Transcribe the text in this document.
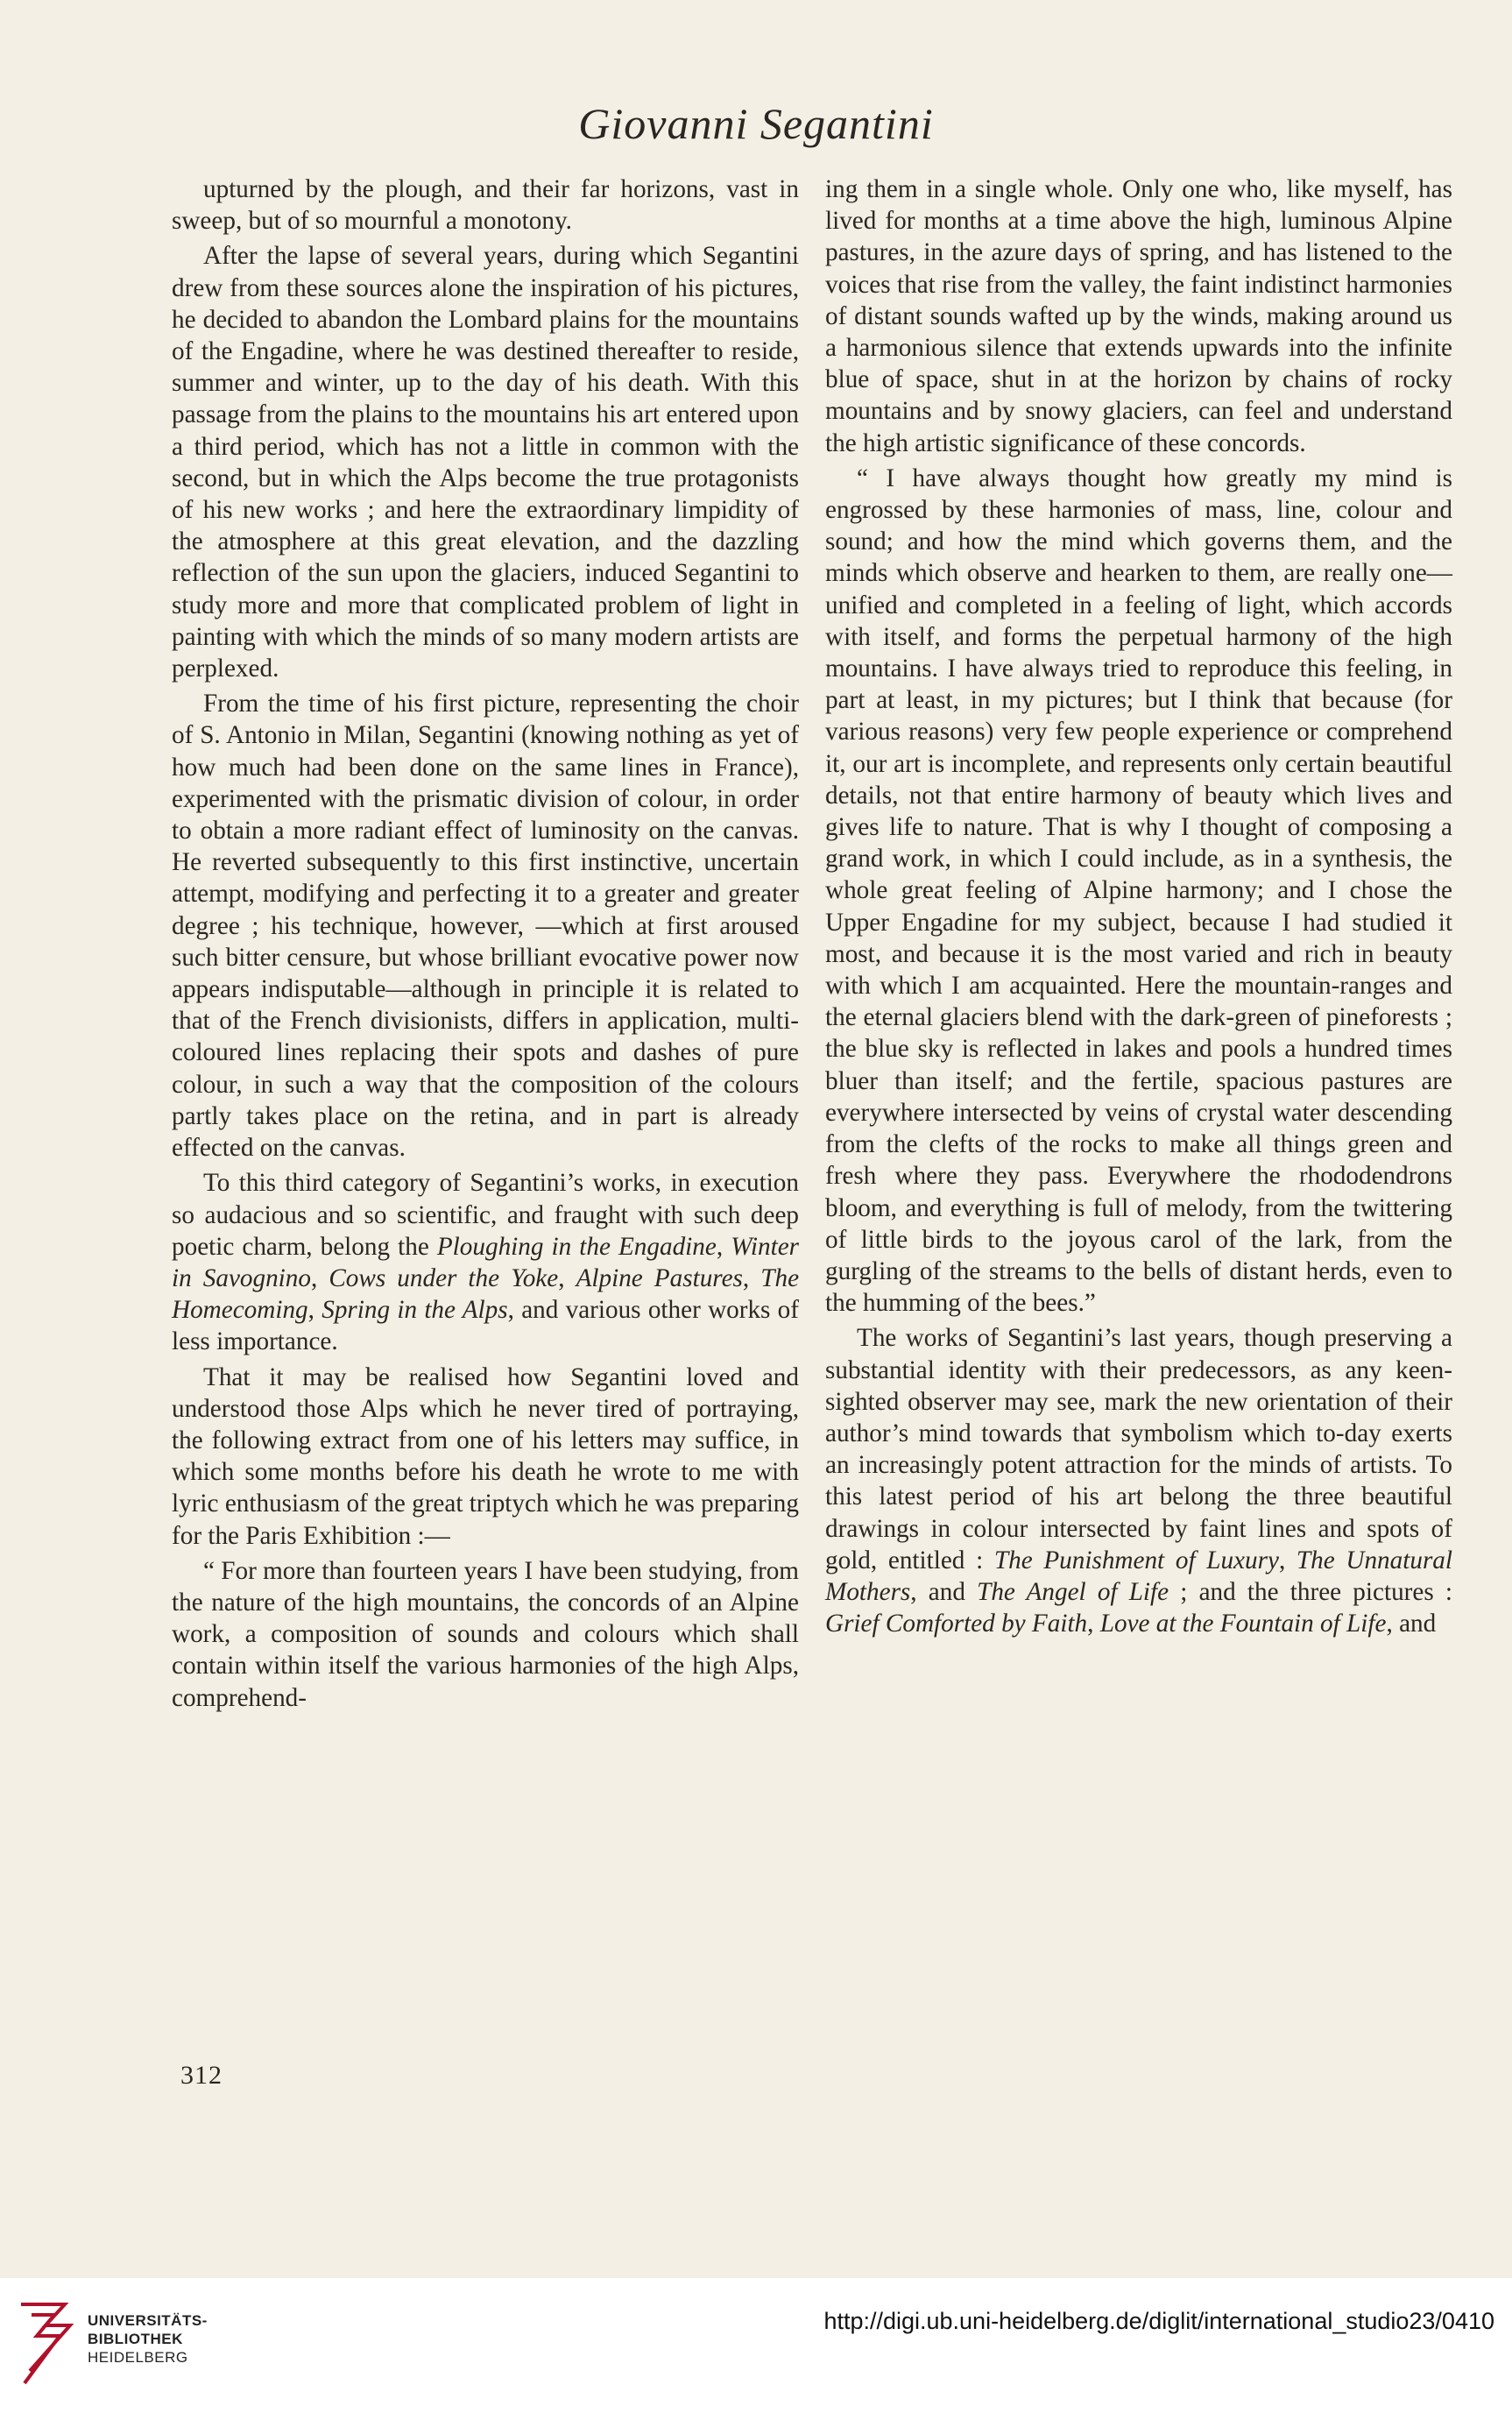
Giovanni Segantini

upturned by the plough, and their far horizons, vast in sweep, but of so mournful a monotony.

After the lapse of several years, during which Segantini drew from these sources alone the inspiration of his pictures, he decided to abandon the Lombard plains for the mountains of the Engadine, where he was destined thereafter to reside, summer and winter, up to the day of his death. With this passage from the plains to the mountains his art entered upon a third period, which has not a little in common with the second, but in which the Alps become the true protagonists of his new works ; and here the extraordinary limpidity of the atmosphere at this great elevation, and the dazzling reflection of the sun upon the glaciers, induced Segantini to study more and more that complicated problem of light in painting with which the minds of so many modern artists are perplexed.

From the time of his first picture, representing the choir of S. Antonio in Milan, Segantini (knowing nothing as yet of how much had been done on the same lines in France), experimented with the prismatic division of colour, in order to obtain a more radiant effect of luminosity on the canvas. He reverted subsequently to this first instinctive, uncertain attempt, modifying and perfecting it to a greater and greater degree ; his technique, however, —which at first aroused such bitter censure, but whose brilliant evocative power now appears indisputable—although in principle it is related to that of the French divisionists, differs in application, multi-coloured lines replacing their spots and dashes of pure colour, in such a way that the composition of the colours partly takes place on the retina, and in part is already effected on the canvas.

To this third category of Segantini’s works, in execution so audacious and so scientific, and fraught with such deep poetic charm, belong the Ploughing in the Engadine, Winter in Savognino, Cows under the Yoke, Alpine Pastures, The Homecoming, Spring in the Alps, and various other works of less importance.

That it may be realised how Segantini loved and understood those Alps which he never tired of portraying, the following extract from one of his letters may suffice, in which some months before his death he wrote to me with lyric enthusiasm of the great triptych which he was preparing for the Paris Exhibition :—

“ For more than fourteen years I have been studying, from the nature of the high mountains, the concords of an Alpine work, a composition of sounds and colours which shall contain within itself the various harmonies of the high Alps, comprehend-

ing them in a single whole. Only one who, like myself, has lived for months at a time above the high, luminous Alpine pastures, in the azure days of spring, and has listened to the voices that rise from the valley, the faint indistinct harmonies of distant sounds wafted up by the winds, making around us a harmonious silence that extends upwards into the infinite blue of space, shut in at the horizon by chains of rocky mountains and by snowy glaciers, can feel and understand the high artistic significance of these concords.

“ I have always thought how greatly my mind is engrossed by these harmonies of mass, line, colour and sound; and how the mind which governs them, and the minds which observe and hearken to them, are really one—unified and completed in a feeling of light, which accords with itself, and forms the perpetual harmony of the high mountains. I have always tried to reproduce this feeling, in part at least, in my pictures; but I think that because (for various reasons) very few people experience or comprehend it, our art is incomplete, and represents only certain beautiful details, not that entire harmony of beauty which lives and gives life to nature. That is why I thought of composing a grand work, in which I could include, as in a synthesis, the whole great feeling of Alpine harmony; and I chose the Upper Engadine for my subject, because I had studied it most, and because it is the most varied and rich in beauty with which I am acquainted. Here the mountain-ranges and the eternal glaciers blend with the dark-green of pineforests ; the blue sky is reflected in lakes and pools a hundred times bluer than itself; and the fertile, spacious pastures are everywhere intersected by veins of crystal water descending from the clefts of the rocks to make all things green and fresh where they pass. Everywhere the rhododendrons bloom, and everything is full of melody, from the twittering of little birds to the joyous carol of the lark, from the gurgling of the streams to the bells of distant herds, even to the humming of the bees.”

The works of Segantini’s last years, though preserving a substantial identity with their predecessors, as any keen-sighted observer may see, mark the new orientation of their author’s mind towards that symbolism which to-day exerts an increasingly potent attraction for the minds of artists. To this latest period of his art belong the three beautiful drawings in colour intersected by faint lines and spots of gold, entitled : The Punishment of Luxury, The Unnatural Mothers, and The Angel of Life ; and the three pictures : Grief Comforted by Faith, Love at the Fountain of Life, and

312
UNIVERSITÄTS-
BIBLIOTHEK
HEIDELBERG
http://digi.ub.uni-heidelberg.de/diglit/international_studio23/0410
